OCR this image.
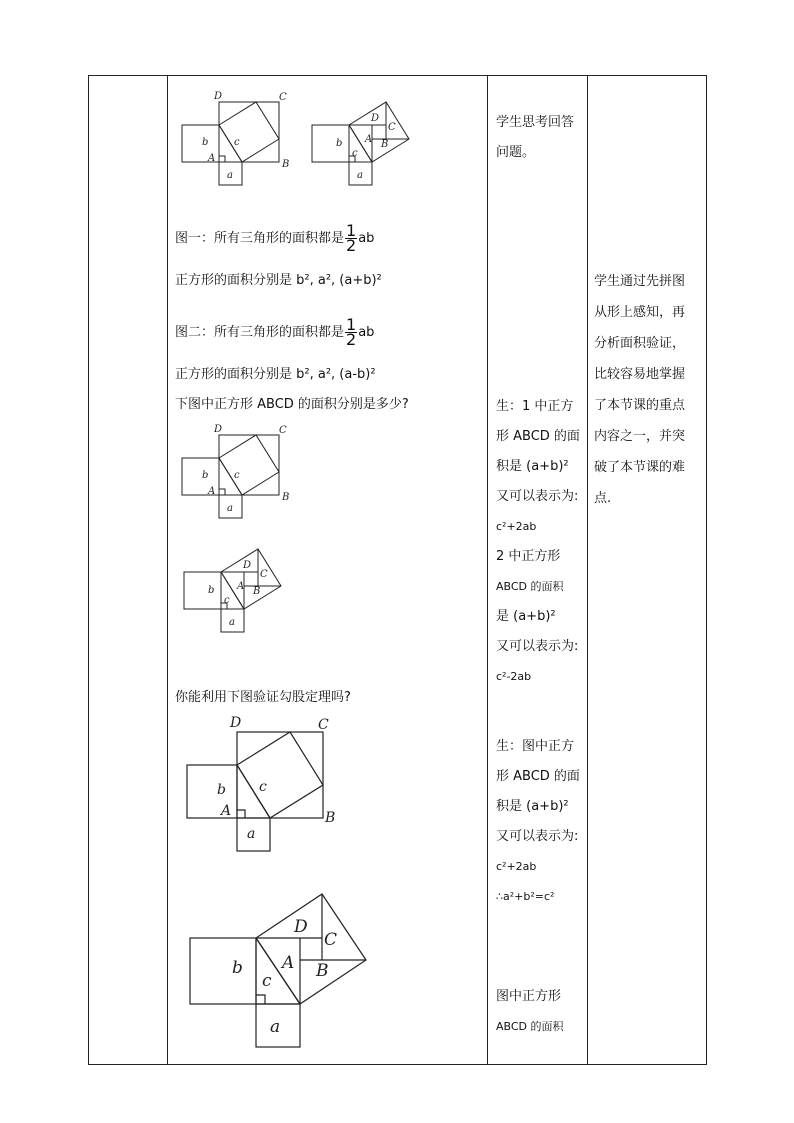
D	C
B
A
b	c
a
b
c
A
D
C
B
a
图一：所有三角形的面积都是 $\frac{1}{2}$ ab
正方形的面积分别是 b², a², (a+b)²
图二：所有三角形的面积都是 $\frac{1}{2}$ ab
正方形的面积分别是 b², a², (a-b)²
下图中正方形 ABCD 的面积分别是多少?
D	C
B
A
b	c
a
b
c
A
D
C
B
a
你能利用下图验证勾股定理吗?
D	C
B
A
b c
a
b
c
A
D
C
B
a
学生思考回答
问题。
生：1 中正方
形 ABCD 的面
积是 (a+b)²
又可以表示为:
c²+2ab
2 中正方形
ABCD 的面积
是 (a+b)²
又可以表示为:
c²-2ab
生：图中正方
形 ABCD 的面
积是 (a+b)²
又可以表示为:
c²+2ab
∴a²+b²=c²
图中正方形
ABCD 的面积
学生通过先拼图
从形上感知，再
分析面积验证，
比较容易地掌握
了本节课的重点
内容之一，并突
破了本节课的难
点.
